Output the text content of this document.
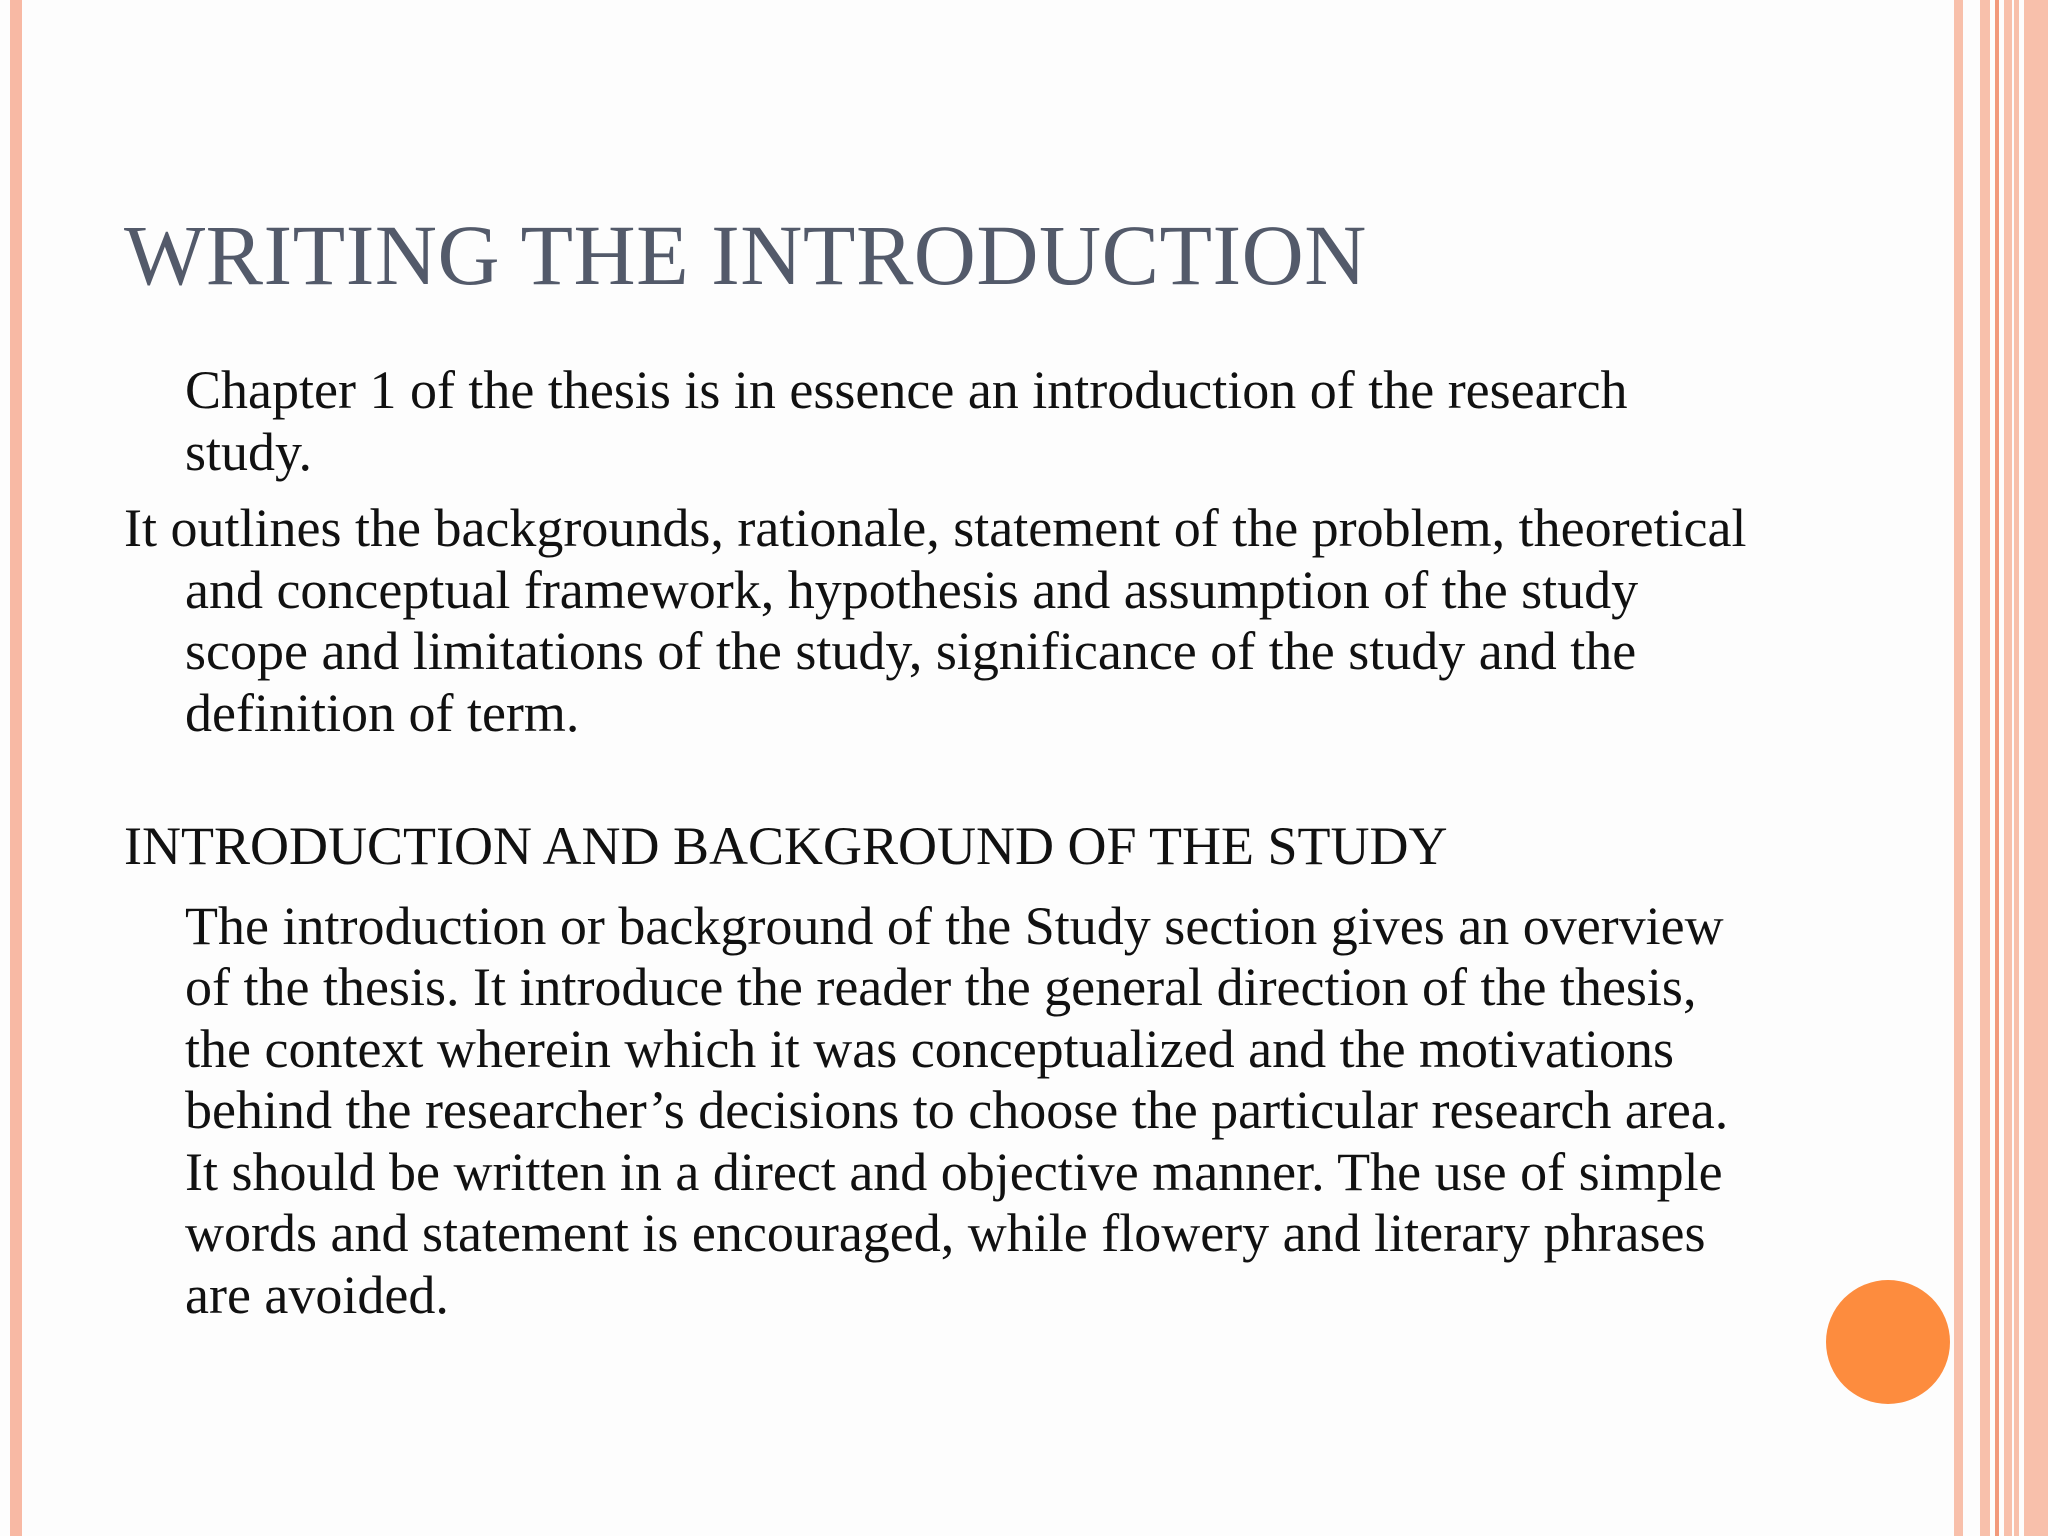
WRITING THE INTRODUCTION

Chapter 1 of the thesis is in essence an introduction of the research study.

It outlines the backgrounds, rationale, statement of the problem, theoretical and conceptual framework, hypothesis and assumption of the study scope and limitations of the study, significance of the study and the definition of term.

INTRODUCTION AND BACKGROUND OF THE STUDY

The introduction or background of the Study section gives an overview of the thesis. It introduce the reader the general direction of the thesis, the context wherein which it was conceptualized and the motivations behind the researcher’s decisions to choose the particular research area. It should be written in a direct and objective manner. The use of simple words and statement is encouraged, while flowery and literary phrases are avoided.
